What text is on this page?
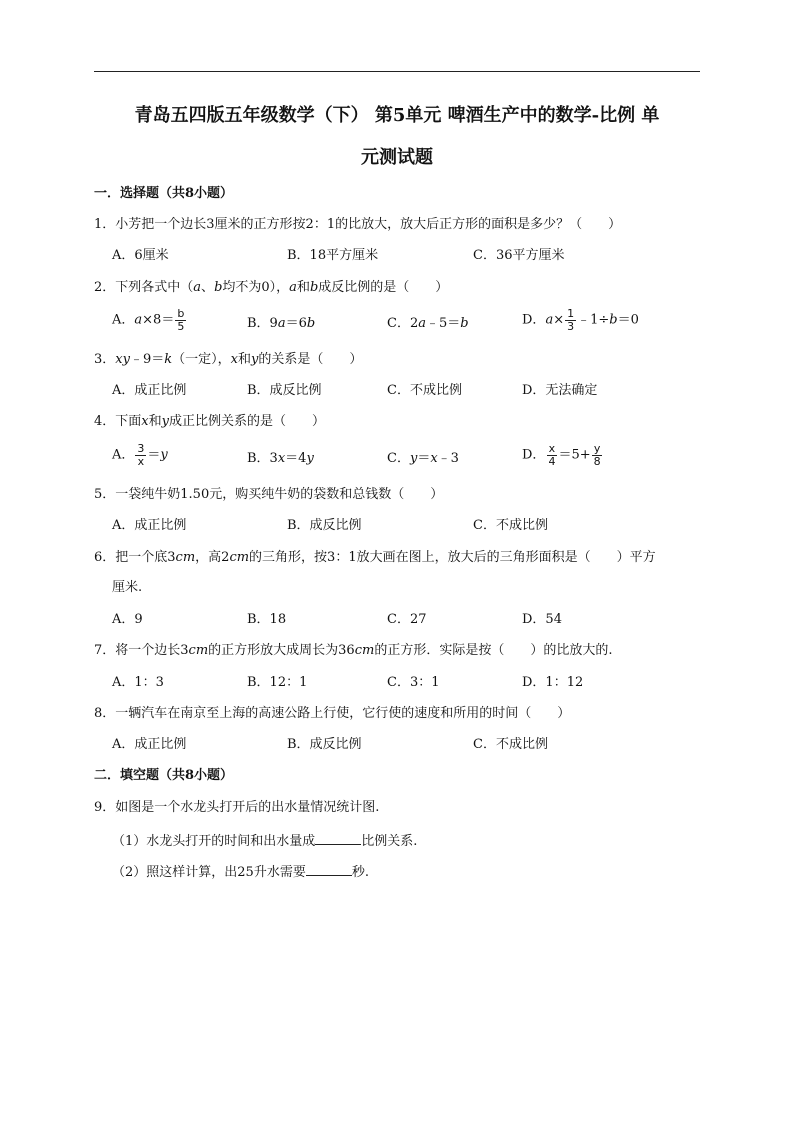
青岛五四版五年级数学（下） 第5单元 啤酒生产中的数学-比例 单
元测试题
一．选择题（共8小题）
1．小芳把一个边长3厘米的正方形按2：1的比放大，放大后正方形的面积是多少？（　　）
A．6厘米	B．18平方厘米	C．36平方厘米
2．下列各式中（a、b均不为0），a和b成反比例的是（　　）
A．$a\times 8= \frac{b}{5}$	B．9a＝6b	C．2a﹣5＝b	D．$a\times \frac{1}{3}$ ﹣1÷b＝0
3．xy﹣9＝k（一定），x和y的关系是（　　）
A．成正比例	B．成反比例	C．不成比例	D．无法确定
4．下面x和y成正比例关系的是（　　）
A． $\frac{3}{x} =y$	B．3x＝4y	C．y＝x﹣3	D． $\frac{x}{4} =5+ \frac{y}{8}$
5．一袋纯牛奶1.50元，购买纯牛奶的袋数和总钱数（　　）
A．成正比例	B．成反比例	C．不成比例
6．把一个底3cm，高2cm的三角形，按3：1放大画在图上，放大后的三角形面积是（　　）平方
厘米.
A．9	B．18	C．27	D．54
7．将一个边长3cm的正方形放大成周长为36cm的正方形．实际是按（　　）的比放大的.
A．1：3	B．12：1	C．3：1	D．1：12
8．一辆汽车在南京至上海的高速公路上行使，它行使的速度和所用的时间（　　）
A．成正比例	B．成反比例	C．不成比例
二．填空题（共8小题）
9．如图是一个水龙头打开后的出水量情况统计图.
（1）水龙头打开的时间和出水量成	比例关系.
（2）照这样计算，出25升水需要	秒.
